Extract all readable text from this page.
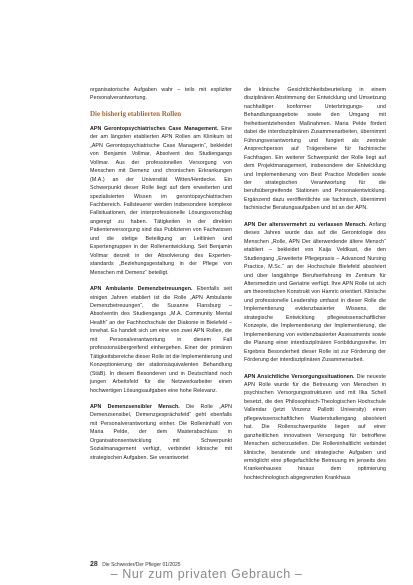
organisatorische Aufgaben wahr – teils mit expliziter Personalverantwortung.

Die bisherig etablierten Rollen

APN Gerontopsychiatrisches Case Management. Eine der am längsten etablierten APN Rollen am Klinikum ist „APN Gerontopsychiatrische Case Managerin“, bekleidet von Benjamin Vollmar, Absolvent des Studiengangs Vollmar. Aus der professionellen Versorgung von Menschen mit Demenz und chronischen Erkrankungen (M.A.) an der Universität Witten/Herdecke. Ein Schwerpunkt dieser Rolle liegt auf dem erweiterten und spezialisierten Wissen im gerontopsychiatrischen Fachbereich. Fallsteuerer werden insbesondere komplexe Fallsituationen, der interprofessionelle Lösungsvorschlag angeregt zu haben. Tätigkeiten in der direkten Patientenversorgung sind das Publizieren von Fachwissen und die stetige Beteiligung an Leitlinien und Expertengruppen in der Rollenentwicklung. Seit Benjamin Vollmar derzeit in der Absolvierung des Experten-standards „Beziehungsgestaltung in der Pflege von Menschen mit Demenz“ beteiligt.

APN Ambulante Demenzbetreuungen. Ebenfalls seit einigen Jahren etabliert ist die Rolle „APN Ambulante Demenzbetreuungen“, die Susanne Flansburg – Absolventin des Studiengangs „M.A. Community Mental Health“ an der Fachhochschule der Diakonie in Bielefeld – innehat. Es handelt sich um eine von zwei APN Rollen, die mit Personalverantwortung in diesem Fall professionsübergreifend einhergehen. Einer der primären Tätigkeitsbereiche dieser Rolle ist die Implementierung und Konzeptionierung der stationsäquivalenten Behandlung (StäB). In diesem Besonderen und in Deutschland noch jungen Arbeitsfeld für die Netzwerkarbeiter einen hochwertigen Lösungsaufgaben eine hohe Relevanz.

APN Demenzsensibler Mensch. Die Rolle „APN Demenzsensibel, Demenzgesprächsfeld“ geht ebenfalls mit Personalverantwortung einher. Die Rolleninhaltl von Maria Pelde, der dem Masterabschluss in Organisationsentwicklung mit Schwerpunkt Sozialmanagement verfügt, verbindet klinische mit strategischen Aufgaben. Sie verantwortet

die klinische Gesichtlichkeitsbeurteilung in einem disziplinären Abstimmung der Entwicklung und Umsetzung nachhaltiger konformer Unterbringungs- und Behandlungsangebote sowie den Umgang mit freiheitsentziehenden Maßnahmen. Maria Pelde fördert dabei die interdisziplinären Zusammenarbeiten, übernimmt Führungsverantwortung und fungiert als zentrale Ansprechperson auf Trägerebene für fachinische Fachfragen. Ein weiterer Schwerpunkt der Rolle liegt auf dem Projektmanagement, insbesondere der Entwicklung und Implementierung von Best Practice Modellen sowie der strategischen Verantwortung für die berufsübergreifende Stationen und Personalentwicklung. Ergänzend dazu veröffentlichte sie fachinisch, übernimmt fachinische Beratungsaufgaben und ist an der APN.

APN Der altersvermehrt zu verlassen Mensch. Anfang dieses Jahres wurde das auf die Gerontologie des Menschen „Rolle, APN Der älterwerdende ältere Mensch“ etabliert – bekleidet von Kaija Veldkast, die den Studiengang „Erweiterte Pflegepraxis – Advanced Nursing Practice, M.Sc.“ an der Hochschule Bielefeld absolviert und über langjährige Berufserfahrung im Zentrum für Altersmedizin und Geriatrie verfügt. Ihre APN Rolle ist sich am theoretischen Konstrukt von Hamric orientiert. Klinische und professionelle Leadership umfasst in dieser Rolle die Implementierung evidenzbasierter Wissens, die strategische Entwicklung pflegewissenschaftlicher Konzepte, die Implementierung der Implementierung, die Implementierung von evidenzbasierter Assessments sowie die Planung einer interdisziplinären Fortbildungsreihe. Im Ergebnis Besonderheit dieser Rolle ist zur Förderung der Förderung der interdisziplinären Zusammenarbeit.

APN Ansichtliche Versorgungssituationen. Die neueste APN Rolle wurde für die Betreuung von Menschen in psychischen Versorgungsstrukturen und mit Ilka Schell besetzt, die den Philosophisch-Theologischen Hochschule Vallendar (jetzt Vinzenz Pallotti University) einen pflegewissenschaftlichen Masterstudiengang absolviert hat. Die Rollenschwerpunkte liegen auf einer ganzheitlichen innovativen Versorgung für betroffene Menschen sicherzustellen. Die Rolleninhaltlicht verbindet klinische, beratende und strategische Aufgaben und ermöglicht eine pflegefachliche Betreuung im jenseits des Krankenhauses hinaus dem optimierung hochtechnologisch abgegrenzten Krankhaus

28 Die Schwester/Der Pfleger 01/2025
– Nur zum privaten Gebrauch –
